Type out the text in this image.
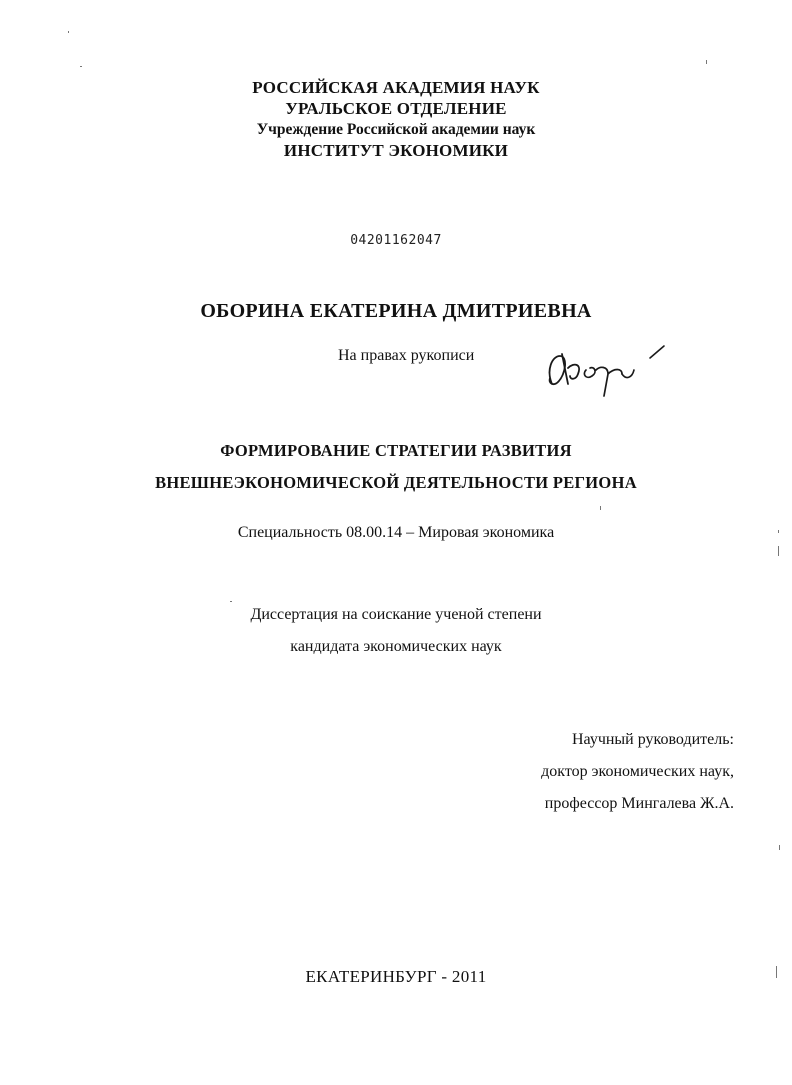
РОССИЙСКАЯ АКАДЕМИЯ НАУК
УРАЛЬСКОЕ ОТДЕЛЕНИЕ
Учреждение Российской академии наук
ИНСТИТУТ ЭКОНОМИКИ
04201162047
ОБОРИНА ЕКАТЕРИНА ДМИТРИЕВНА
На правах рукописи
ФОРМИРОВАНИЕ СТРАТЕГИИ РАЗВИТИЯ
ВНЕШНЕЭКОНОМИЧЕСКОЙ ДЕЯТЕЛЬНОСТИ РЕГИОНА
Специальность 08.00.14 – Мировая экономика
Диссертация на соискание ученой степени
кандидата экономических наук
Научный руководитель:
доктор экономических наук,
профессор Мингалева Ж.А.
ЕКАТЕРИНБУРГ - 2011
